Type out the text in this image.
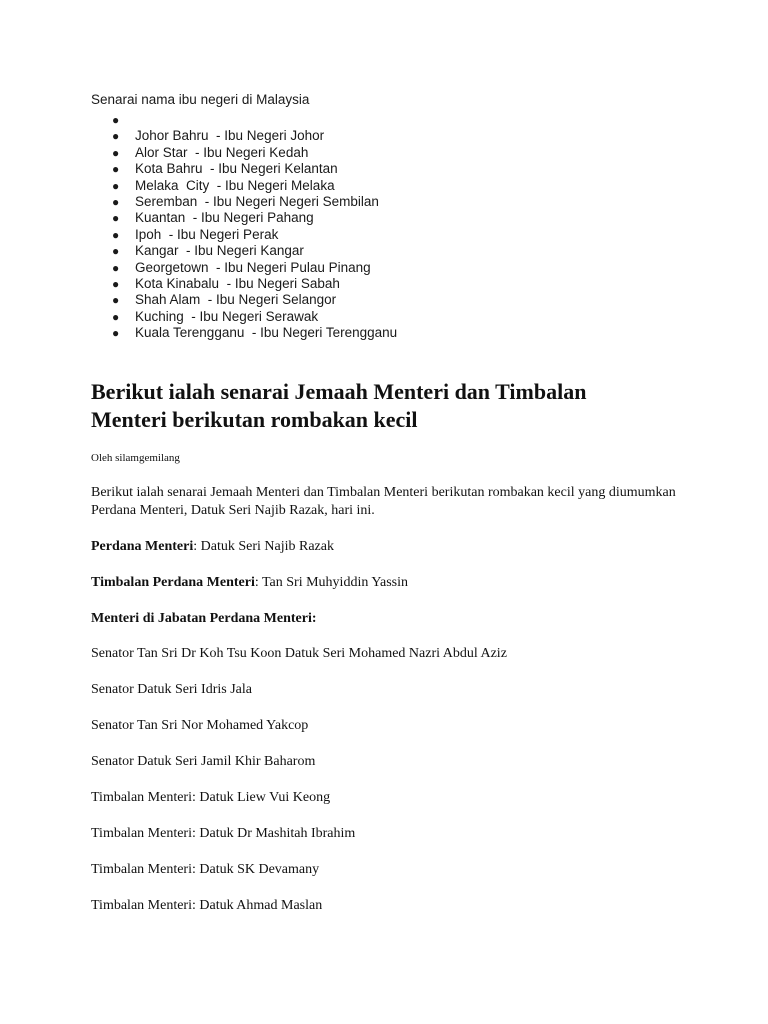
Senarai nama ibu negeri di Malaysia

●
● Johor Bahru  - Ibu Negeri Johor
● Alor Star  - Ibu Negeri Kedah
● Kota Bahru  - Ibu Negeri Kelantan
● Melaka  City  - Ibu Negeri Melaka
● Seremban  - Ibu Negeri Negeri Sembilan
● Kuantan  - Ibu Negeri Pahang
● Ipoh  - Ibu Negeri Perak
● Kangar  - Ibu Negeri Kangar
● Georgetown  - Ibu Negeri Pulau Pinang
● Kota Kinabalu  - Ibu Negeri Sabah
● Shah Alam  - Ibu Negeri Selangor
● Kuching  - Ibu Negeri Serawak
● Kuala Terengganu  - Ibu Negeri Terengganu
Berikut ialah senarai Jemaah Menteri dan Timbalan Menteri berikutan rombakan kecil

Oleh silamgemilang

Berikut ialah senarai Jemaah Menteri dan Timbalan Menteri berikutan rombakan kecil yang diumumkan Perdana Menteri, Datuk Seri Najib Razak, hari ini.

Perdana Menteri: Datuk Seri Najib Razak

Timbalan Perdana Menteri: Tan Sri Muhyiddin Yassin

Menteri di Jabatan Perdana Menteri:

Senator Tan Sri Dr Koh Tsu Koon Datuk Seri Mohamed Nazri Abdul Aziz

Senator Datuk Seri Idris Jala

Senator Tan Sri Nor Mohamed Yakcop

Senator Datuk Seri Jamil Khir Baharom

Timbalan Menteri: Datuk Liew Vui Keong

Timbalan Menteri: Datuk Dr Mashitah Ibrahim

Timbalan Menteri: Datuk SK Devamany

Timbalan Menteri: Datuk Ahmad Maslan
